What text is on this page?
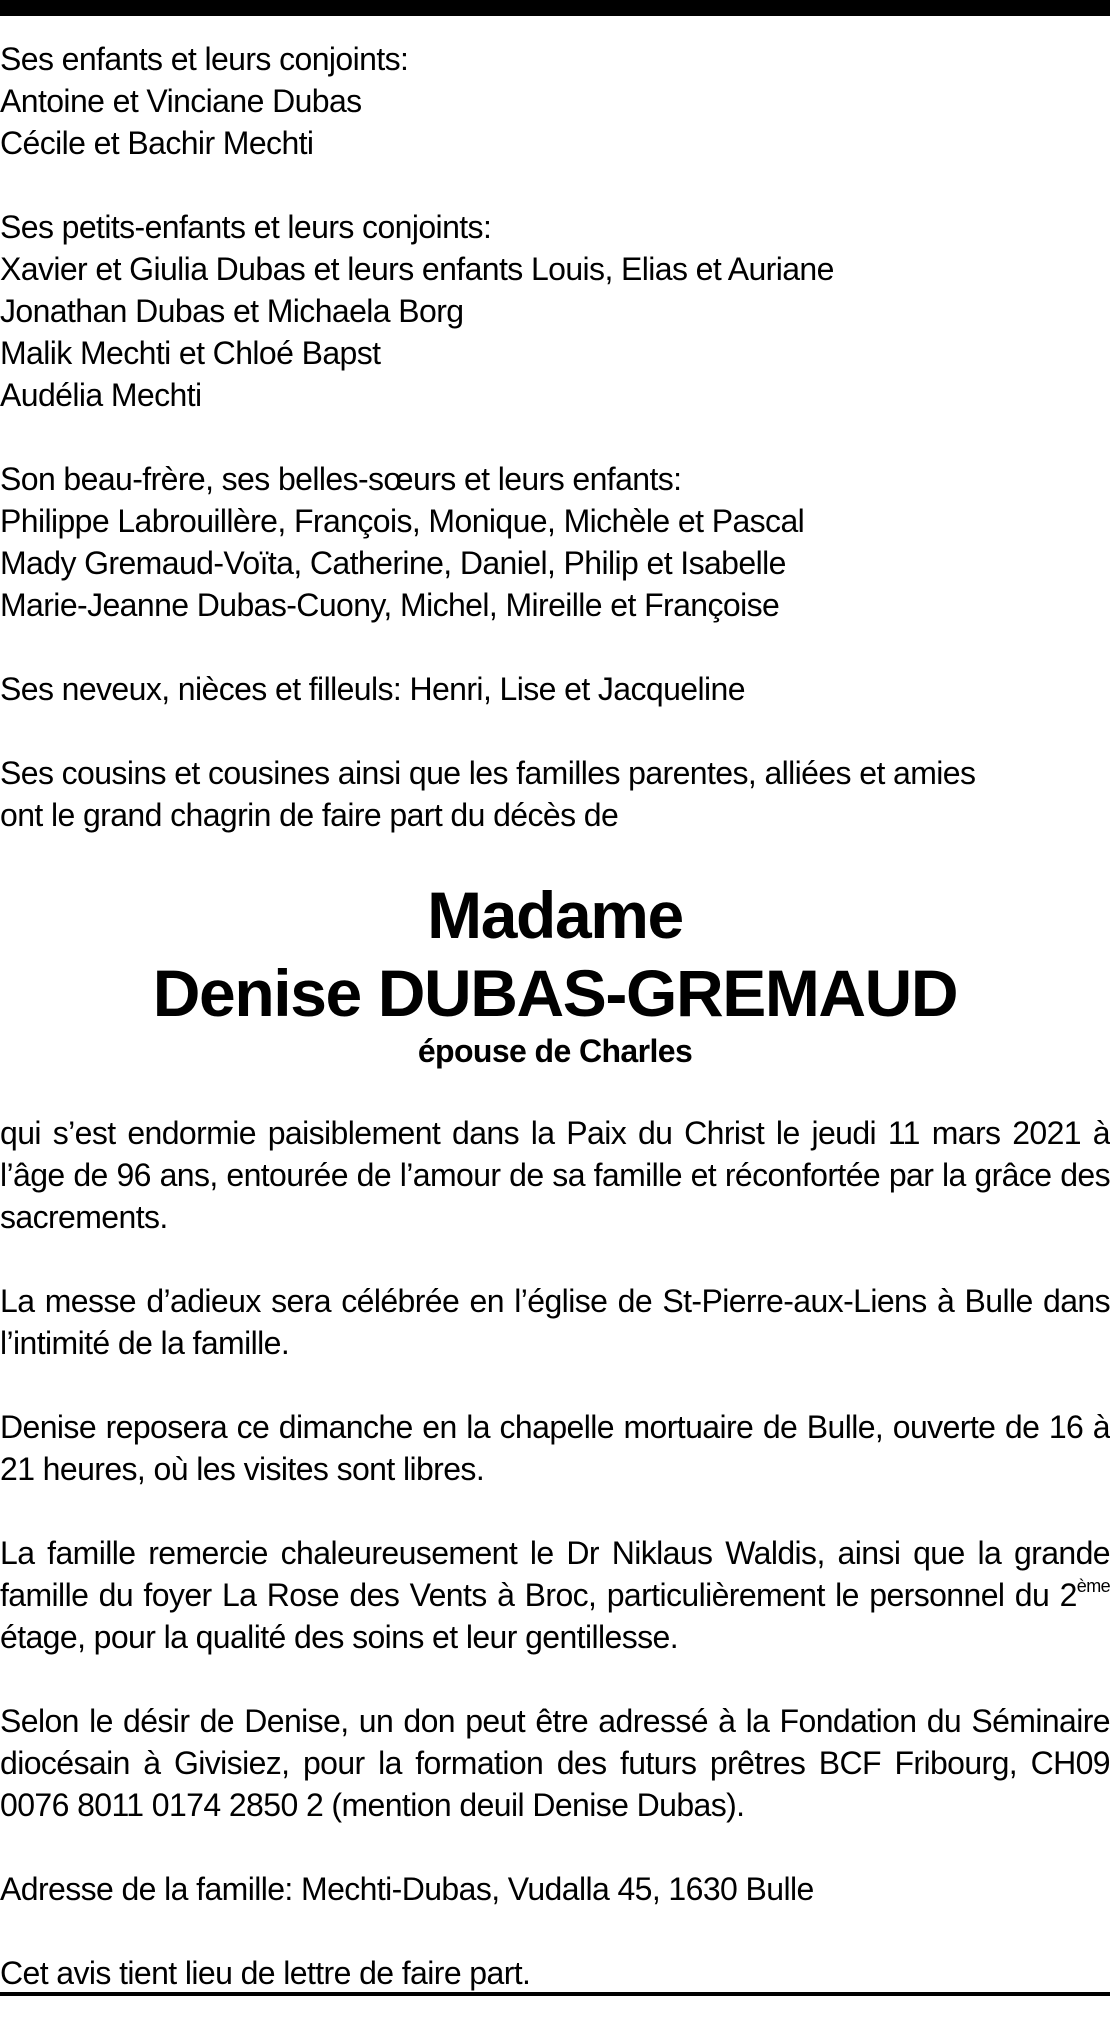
Ses enfants et leurs conjoints:
Antoine et Vinciane Dubas
Cécile et Bachir Mechti
Ses petits-enfants et leurs conjoints:
Xavier et Giulia Dubas et leurs enfants Louis, Elias et Auriane
Jonathan Dubas et Michaela Borg
Malik Mechti et Chloé Bapst
Audélia Mechti
Son beau-frère, ses belles-sœurs et leurs enfants:
Philippe Labrouillère, François, Monique, Michèle et Pascal
Mady Gremaud-Voïta, Catherine, Daniel, Philip et Isabelle
Marie-Jeanne Dubas-Cuony, Michel, Mireille et Françoise
Ses neveux, nièces et filleuls: Henri, Lise et Jacqueline
Ses cousins et cousines ainsi que les familles parentes, alliées et amies
ont le grand chagrin de faire part du décès de
Madame
Denise DUBAS-GREMAUD
épouse de Charles
qui s’est endormie paisiblement dans la Paix du Christ le jeudi 11 mars 2021 à l’âge de 96 ans, entourée de l’amour de sa famille et réconfortée par la grâce des sacrements.
La messe d’adieux sera célébrée en l’église de St-Pierre-aux-Liens à Bulle dans l’intimité de la famille.
Denise reposera ce dimanche en la chapelle mortuaire de Bulle, ouverte de 16 à 21 heures, où les visites sont libres.
La famille remercie chaleureusement le Dr Niklaus Waldis, ainsi que la grande famille du foyer La Rose des Vents à Broc, particulièrement le personnel du 2ème étage, pour la qualité des soins et leur gentillesse.
Selon le désir de Denise, un don peut être adressé à la Fondation du Séminaire diocésain à Givisiez, pour la formation des futurs prêtres BCF Fribourg, CH09 0076 8011 0174 2850 2 (mention deuil Denise Dubas).
Adresse de la famille: Mechti-Dubas, Vudalla 45, 1630 Bulle
Cet avis tient lieu de lettre de faire part.
